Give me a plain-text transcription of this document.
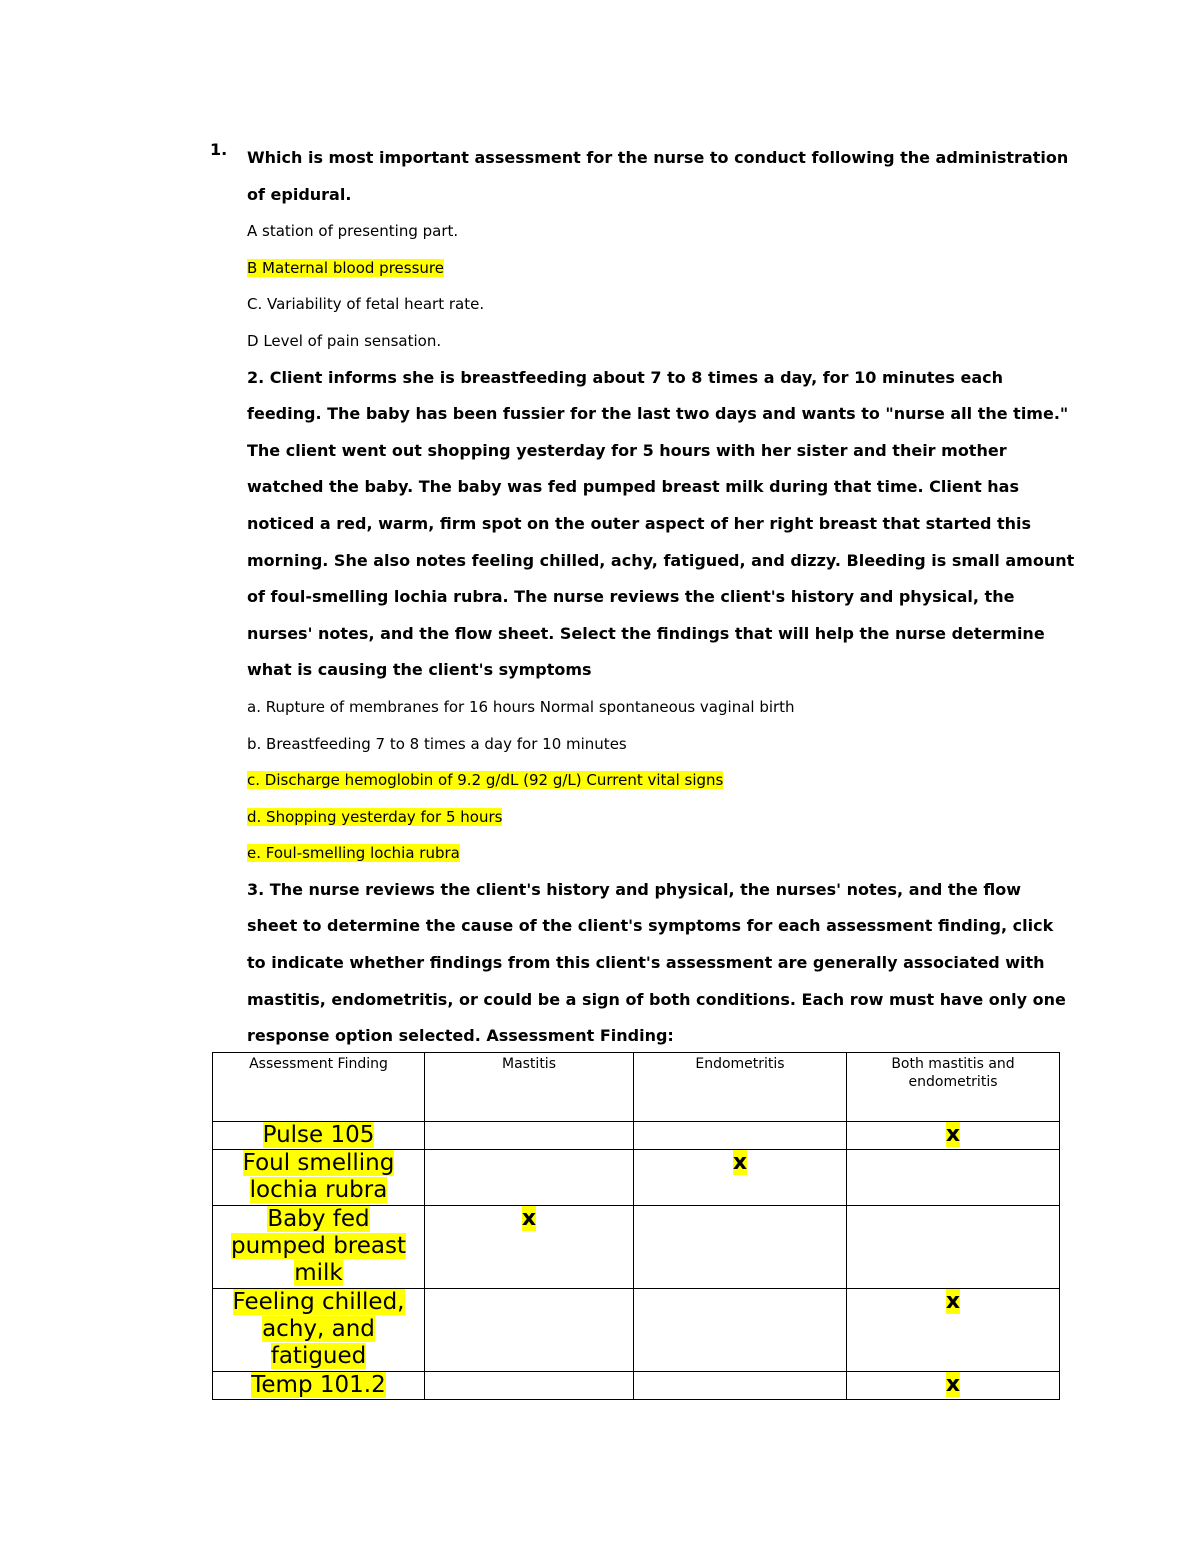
1. Which is most important assessment for the nurse to conduct following the administration

of epidural.

A station of presenting part.

B Maternal blood pressure

C. Variability of fetal heart rate.

D Level of pain sensation.

2. Client informs she is breastfeeding about 7 to 8 times a day, for 10 minutes each

feeding. The baby has been fussier for the last two days and wants to "nurse all the time."

The client went out shopping yesterday for 5 hours with her sister and their mother

watched the baby. The baby was fed pumped breast milk during that time. Client has

noticed a red, warm, firm spot on the outer aspect of her right breast that started this

morning. She also notes feeling chilled, achy, fatigued, and dizzy. Bleeding is small amount

of foul-smelling lochia rubra. The nurse reviews the client's history and physical, the

nurses' notes, and the flow sheet. Select the findings that will help the nurse determine

what is causing the client's symptoms

a. Rupture of membranes for 16 hours Normal spontaneous vaginal birth

b. Breastfeeding 7 to 8 times a day for 10 minutes

c. Discharge hemoglobin of 9.2 g/dL (92 g/L) Current vital signs

d. Shopping yesterday for 5 hours

e. Foul-smelling lochia rubra

3. The nurse reviews the client's history and physical, the nurses' notes, and the flow

sheet to determine the cause of the client's symptoms for each assessment finding, click

to indicate whether findings from this client's assessment are generally associated with

mastitis, endometritis, or could be a sign of both conditions. Each row must have only one

response option selected. Assessment Finding:

Assessment Finding	Mastitis	Endometritis	Both mastitis and endometritis
Pulse 105			x
Foul smelling lochia rubra		x	
Baby fed pumped breast milk	x		
Feeling chilled, achy, and fatigued			x
Temp 101.2			x
